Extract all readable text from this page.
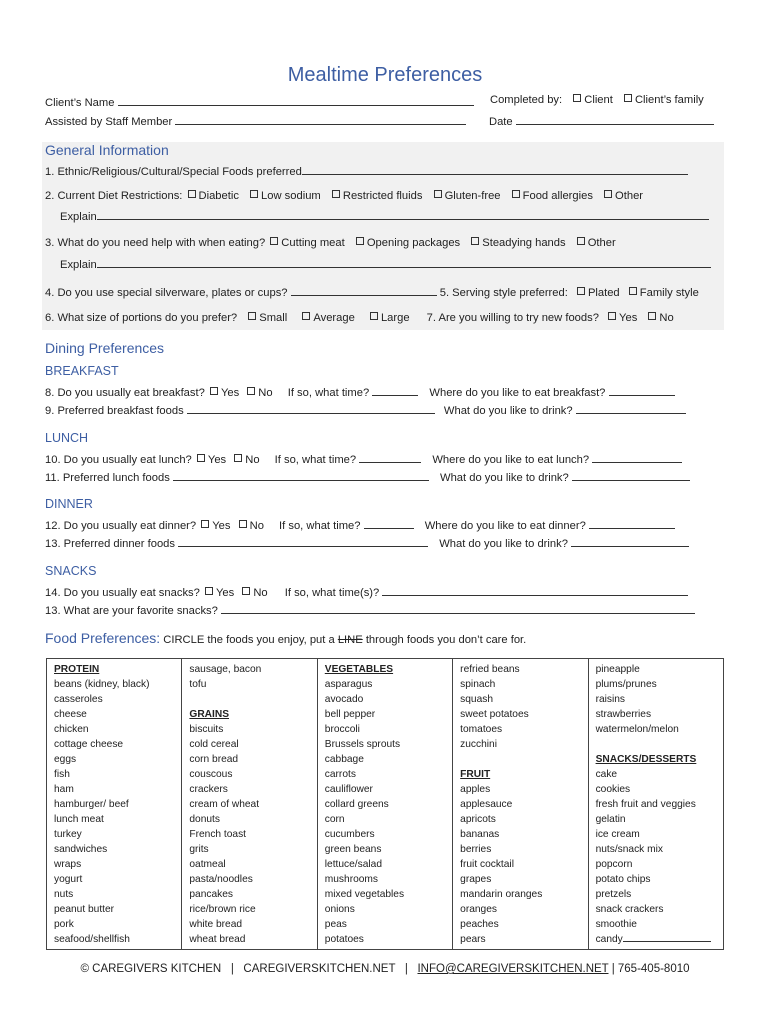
Mealtime Preferences
Client’s Name
Assisted by Staff Member
Completed by: Client Client’s family
Date
General Information
1. Ethnic/Religious/Cultural/Special Foods preferred
2. Current Diet Restrictions: Diabetic Low sodium Restricted fluids Gluten-free Food allergies Other
Explain
3. What do you need help with when eating? Cutting meat Opening packages Steadying hands Other
Explain
4. Do you use special silverware, plates or cups?	5. Serving style preferred: Plated Family style
6. What size of portions do you prefer? Small Average Large 7. Are you willing to try new foods? Yes No
Dining Preferences
BREAKFAST
8. Do you usually eat breakfast? Yes No If so, what time?	Where do you like to eat breakfast?
9. Preferred breakfast foods	What do you like to drink?
LUNCH
10. Do you usually eat lunch? Yes No If so, what time?	Where do you like to eat lunch?
11. Preferred lunch foods	What do you like to drink?
DINNER
12. Do you usually eat dinner? Yes No If so, what time?	Where do you like to eat dinner?
13. Preferred dinner foods	What do you like to drink?
SNACKS
14. Do you usually eat snacks? Yes No If so, what time(s)?
13. What are your favorite snacks?
Food Preferences: CIRCLE the foods you enjoy, put a LINE through foods you don’t care for.
PROTEIN
beans (kidney, black)
casseroles
cheese
chicken
cottage cheese
eggs
fish
ham
hamburger/ beef
lunch meat
turkey
sandwiches
wraps
yogurt
nuts
peanut butter
pork
seafood/shellfish

sausage, bacon
tofu
GRAINS
biscuits
cold cereal
corn bread
couscous
crackers
cream of wheat
donuts
French toast
grits
oatmeal
pasta/noodles
pancakes
rice/brown rice
white bread
wheat bread

VEGETABLES
asparagus
avocado
bell pepper
broccoli
Brussels sprouts
cabbage
carrots
cauliflower
collard greens
corn
cucumbers
green beans
lettuce/salad
mushrooms
mixed vegetables
onions
peas
potatoes

refried beans
spinach
squash
sweet potatoes
tomatoes
zucchini
FRUIT
apples
applesauce
apricots
bananas
berries
fruit cocktail
grapes
mandarin oranges
oranges
peaches
pears

pineapple
plums/prunes
raisins
strawberries
watermelon/melon
SNACKS/DESSERTS
cake
cookies
fresh fruit and veggies
gelatin
ice cream
nuts/snack mix
popcorn
potato chips
pretzels
snack crackers
smoothie
candy
© CAREGIVERS KITCHEN | CAREGIVERSKITCHEN.NET | INFO@CAREGIVERSKITCHEN.NET | 765-405-8010
